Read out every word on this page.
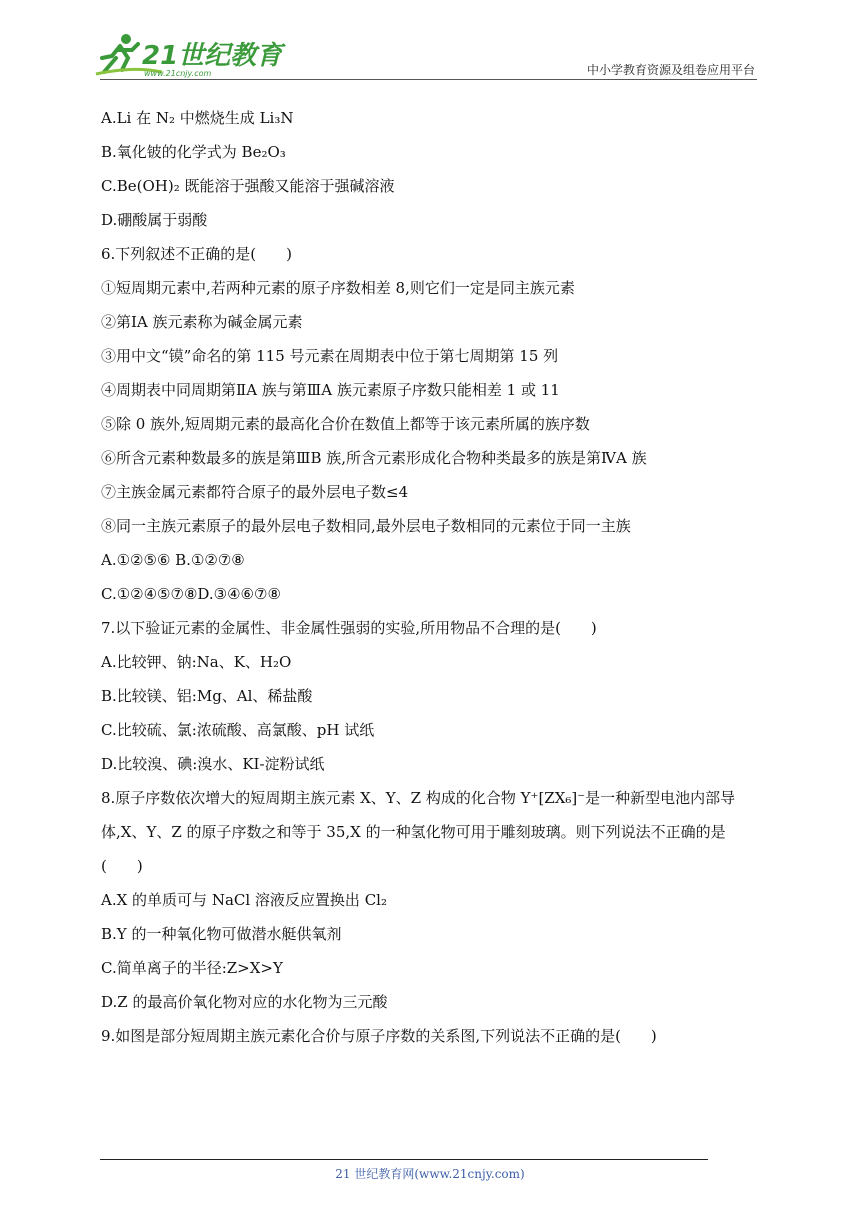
21世纪教育
www.21cnjy.com	中小学教育资源及组卷应用平台
A.Li 在 N₂ 中燃烧生成 Li₃N
B.氧化铍的化学式为 Be₂O₃
C.Be(OH)₂ 既能溶于强酸又能溶于强碱溶液
D.硼酸属于弱酸
6.下列叙述不正确的是(　　)
①短周期元素中,若两种元素的原子序数相差 8,则它们一定是同主族元素
②第ⅠA 族元素称为碱金属元素
③用中文“镆”命名的第 115 号元素在周期表中位于第七周期第 15 列
④周期表中同周期第ⅡA 族与第ⅢA 族元素原子序数只能相差 1 或 11
⑤除 0 族外,短周期元素的最高化合价在数值上都等于该元素所属的族序数
⑥所含元素种数最多的族是第ⅢB 族,所含元素形成化合物种类最多的族是第ⅣA 族
⑦主族金属元素都符合原子的最外层电子数≤4
⑧同一主族元素原子的最外层电子数相同,最外层电子数相同的元素位于同一主族
A.①②⑤⑥ B.①②⑦⑧
C.①②④⑤⑦⑧D.③④⑥⑦⑧
7.以下验证元素的金属性、非金属性强弱的实验,所用物品不合理的是(　　)
A.比较钾、钠:Na、K、H₂O
B.比较镁、铝:Mg、Al、稀盐酸
C.比较硫、氯:浓硫酸、高氯酸、pH 试纸
D.比较溴、碘:溴水、KI-淀粉试纸
8.原子序数依次增大的短周期主族元素 X、Y、Z 构成的化合物 Y⁺[ZX₆]⁻是一种新型电池内部导体,X、Y、Z 的原子序数之和等于 35,X 的一种氢化物可用于雕刻玻璃。则下列说法不正确的是(　　)
A.X 的单质可与 NaCl 溶液反应置换出 Cl₂
B.Y 的一种氧化物可做潜水艇供氧剂
C.简单离子的半径:Z>X>Y
D.Z 的最高价氧化物对应的水化物为三元酸
9.如图是部分短周期主族元素化合价与原子序数的关系图,下列说法不正确的是(　　)
21 世纪教育网(www.21cnjy.com)
